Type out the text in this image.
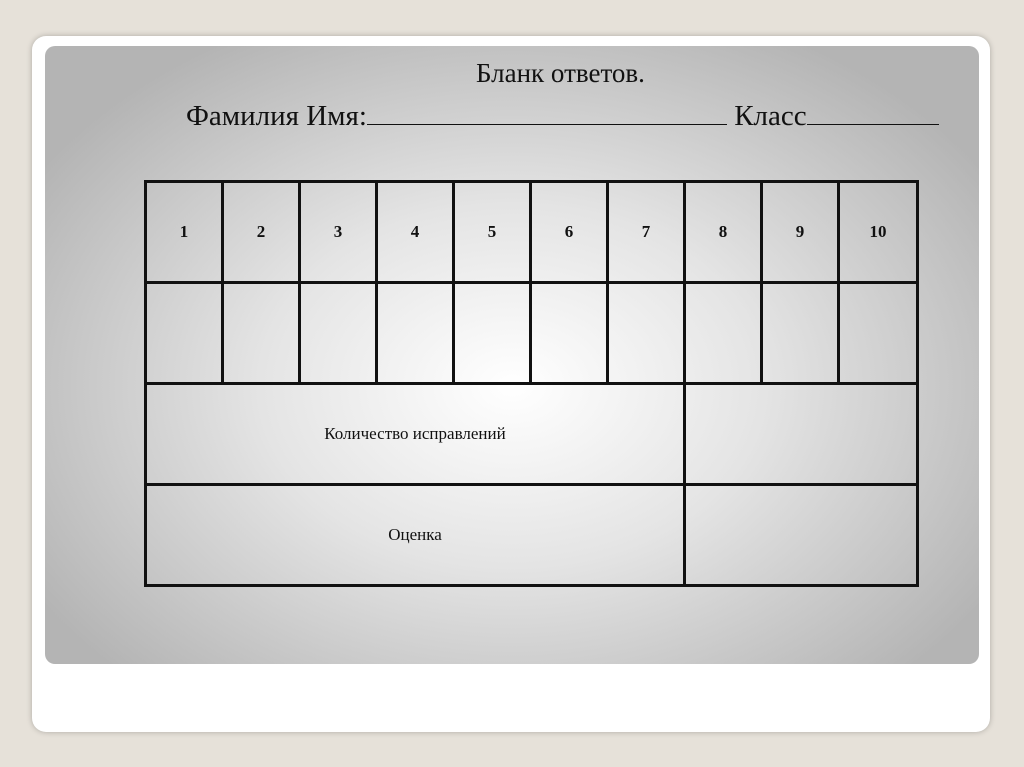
Бланк ответов.
Фамилия Имя:	Класс
1	2	3	4	5	6	7	8	9	10

Количество исправлений									
Оценка									
